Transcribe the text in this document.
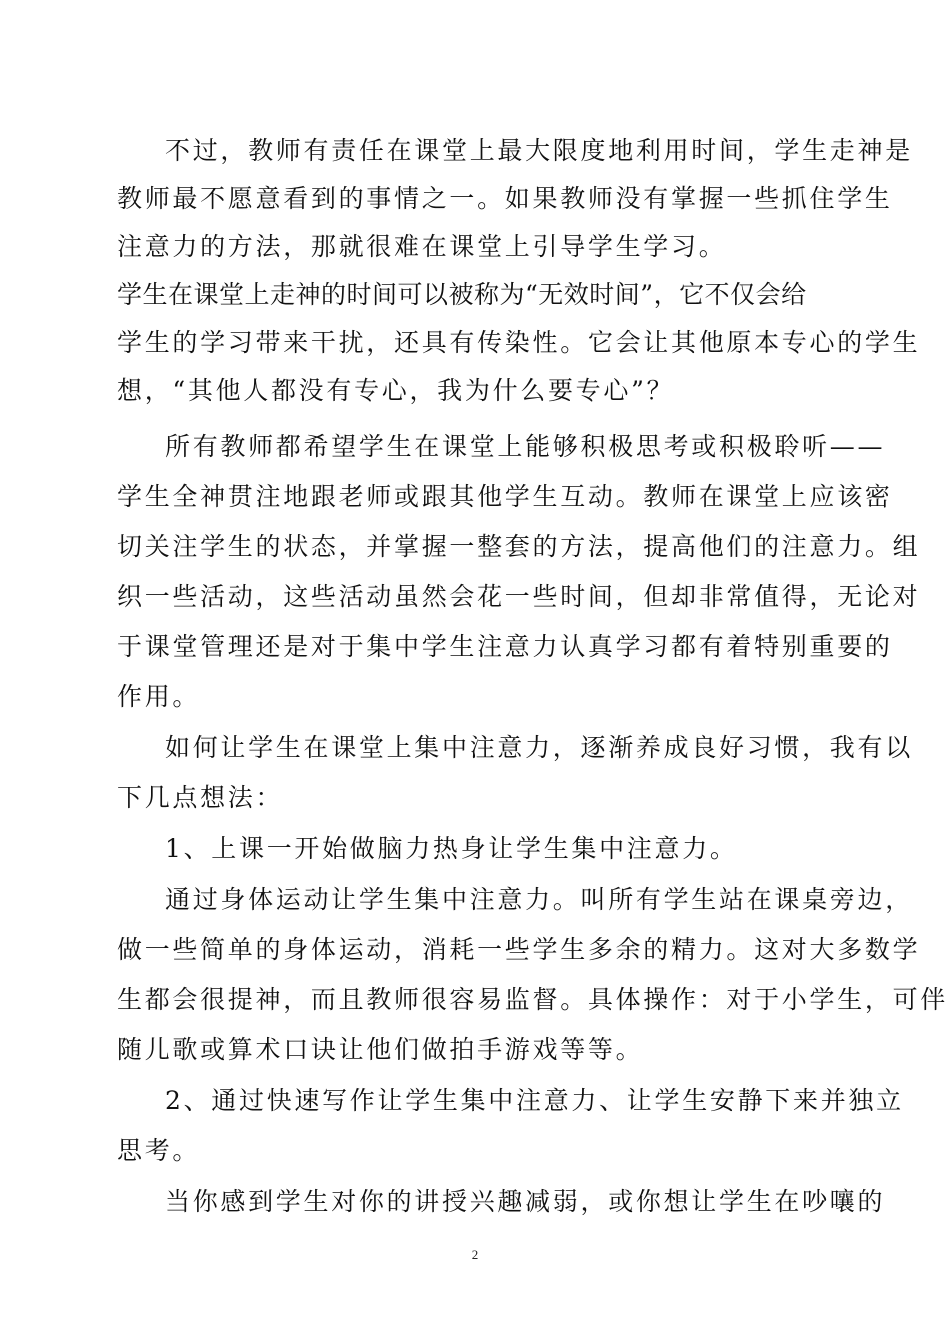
不过，教师有责任在课堂上最大限度地利用时间，学生走神是
教师最不愿意看到的事情之一。如果教师没有掌握一些抓住学生
注意力的方法，那就很难在课堂上引导学生学习。
学生在课堂上走神的时间可以被称为“无效时间”，它不仅会给
学生的学习带来干扰，还具有传染性。它会让其他原本专心的学生
想，“其他人都没有专心，我为什么要专心”？
所有教师都希望学生在课堂上能够积极思考或积极聆听——
学生全神贯注地跟老师或跟其他学生互动。教师在课堂上应该密
切关注学生的状态，并掌握一整套的方法，提高他们的注意力。组
织一些活动，这些活动虽然会花一些时间，但却非常值得，无论对
于课堂管理还是对于集中学生注意力认真学习都有着特别重要的
作用。
如何让学生在课堂上集中注意力，逐渐养成良好习惯，我有以
下几点想法：
1、上课一开始做脑力热身让学生集中注意力。
通过身体运动让学生集中注意力。叫所有学生站在课桌旁边，
做一些简单的身体运动，消耗一些学生多余的精力。这对大多数学
生都会很提神，而且教师很容易监督。具体操作：对于小学生，可伴
随儿歌或算术口诀让他们做拍手游戏等等。
2、通过快速写作让学生集中注意力、让学生安静下来并独立
思考。
当你感到学生对你的讲授兴趣减弱，或你想让学生在吵嚷的
2
